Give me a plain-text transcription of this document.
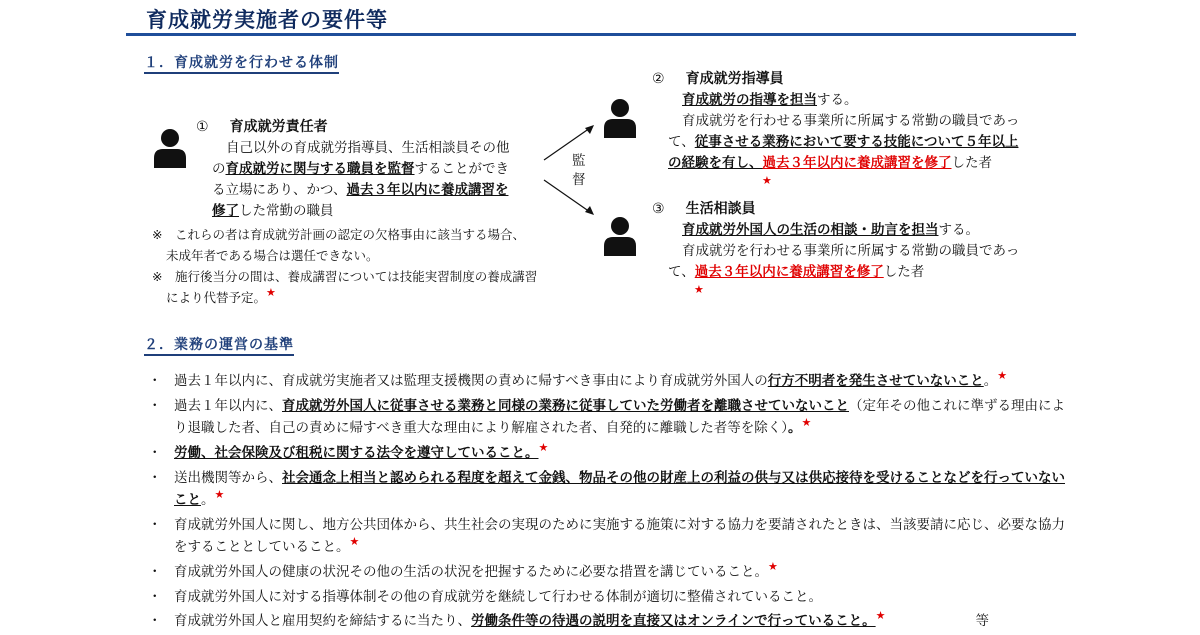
育成就労実施者の要件等
１．育成就労を行わせる体制
① 育成就労責任者
自己以外の育成就労指導員、生活相談員その他
の育成就労に関与する職員を監督することができ
る立場にあり、かつ、過去３年以内に養成講習を
修了した常勤の職員
※　 これらの者は育成就労計画の認定の欠格事由に該当する場合、
未成年者である場合は選任できない。
※　 施行後当分の間は、養成講習については技能実習制度の養成講習
により代替予定。★
監
督
② 育成就労指導員
育成就労の指導を担当する。
育成就労を行わせる事業所に所属する常勤の職員であっ
て、従事させる業務において要する技能について５年以上
の経験を有し、過去３年以内に養成講習を修了した者
★
③ 生活相談員
育成就労外国人の生活の相談・助言を担当する。
育成就労を行わせる事業所に所属する常勤の職員であっ
て、過去３年以内に養成講習を修了した者
★
２．業務の運営の基準
・ 過去１年以内に、育成就労実施者又は監理支援機関の責めに帰すべき事由により育成就労外国人の行方不明者を発生させていないこと。★
・ 過去１年以内に、育成就労外国人に従事させる業務と同様の業務に従事していた労働者を離職させていないこと（定年その他これに準ずる理由により退職した者、自己の責めに帰すべき重大な理由により解雇された者、自発的に離職した者等を除く）。★
・ 労働、社会保険及び租税に関する法令を遵守していること。★
・ 送出機関等から、社会通念上相当と認められる程度を超えて金銭、物品その他の財産上の利益の供与又は供応接待を受けることなどを行っていないこと。★
・ 育成就労外国人に関し、地方公共団体から、共生社会の実現のために実施する施策に対する協力を要請されたときは、当該要請に応じ、必要な協力をすることとしていること。★
・ 育成就労外国人の健康の状況その他の生活の状況を把握するために必要な措置を講じていること。★
・ 育成就労外国人に対する指導体制その他の育成就労を継続して行わせる体制が適切に整備されていること。
・ 育成就労外国人と雇用契約を締結するに当たり、労働条件等の待遇の説明を直接又はオンラインで行っていること。★	等
